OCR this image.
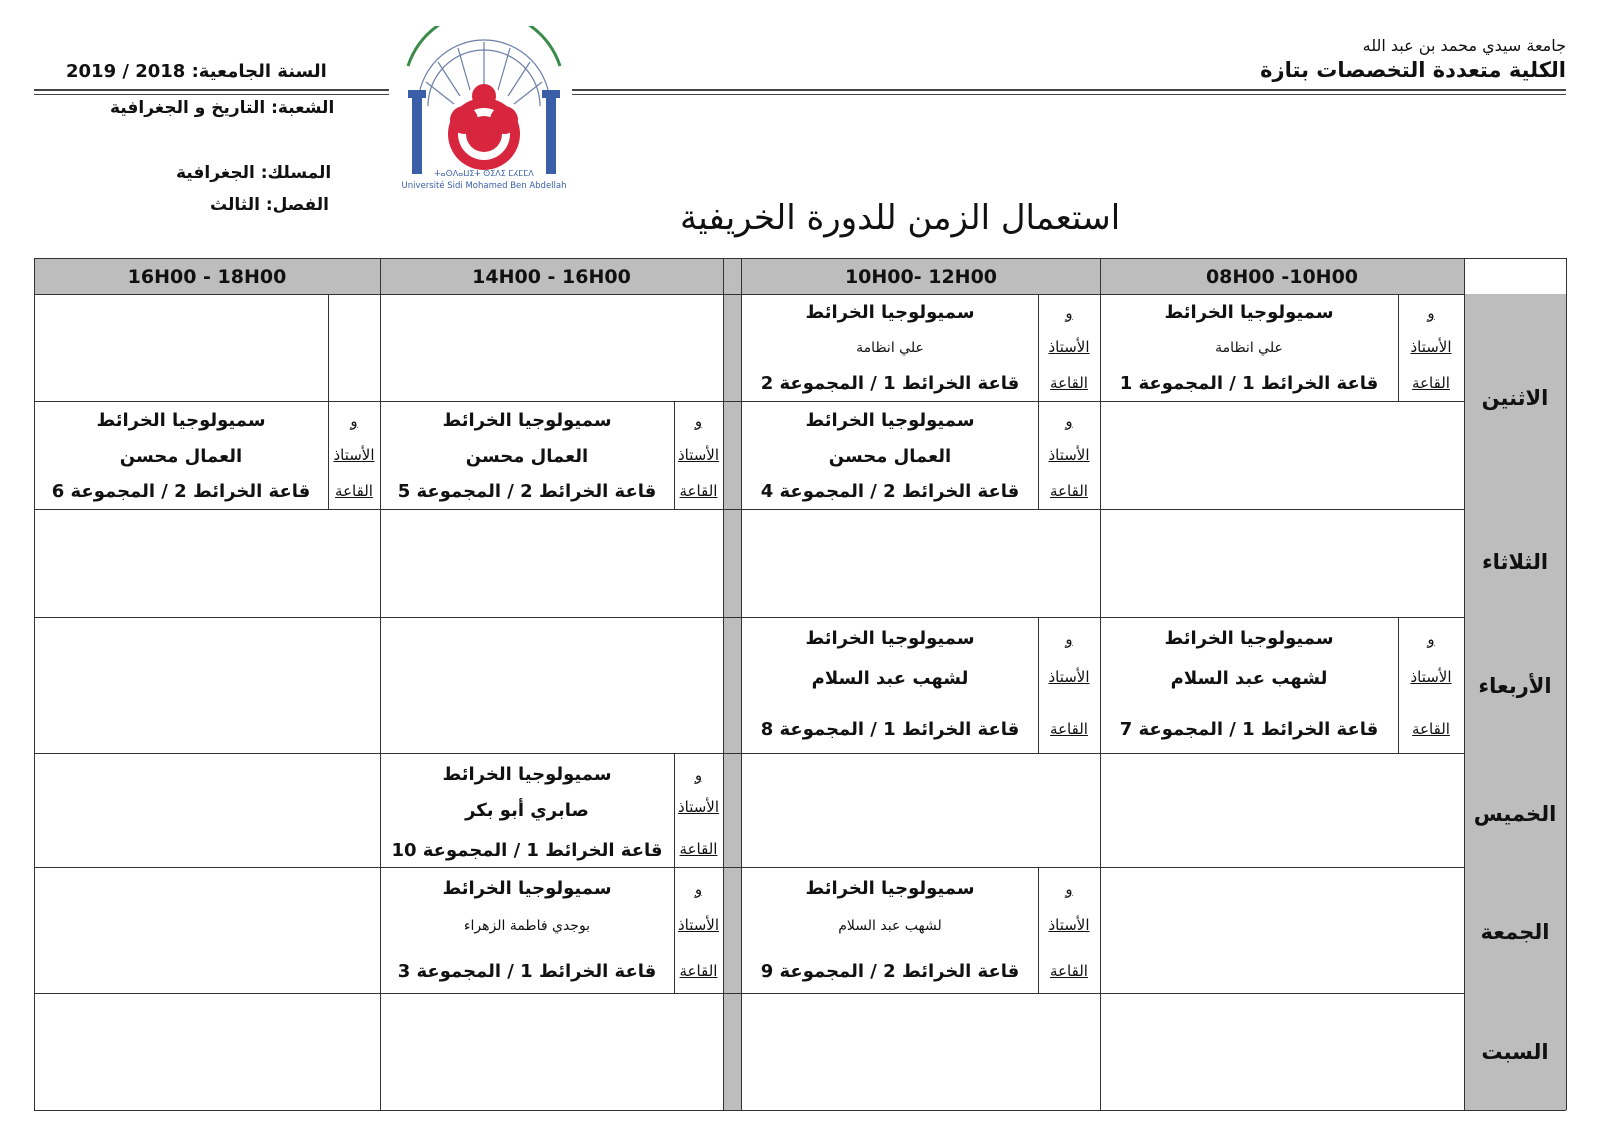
جامعة سيدي محمد بن عبد الله
الكلية متعددة التخصصات بتازة
السنة الجامعية: 2018 / 2019
الشعبة: التاريخ و الجغرافية
المسلك: الجغرافية
الفصل: الثالث
ⵜⴰⵙⴷⴰⵡⵉⵜ ⵙⵉⴷⵉ ⵎⵃⵎⵎⴷ
Université Sidi Mohamed Ben Abdellah
استعمال الزمن للدورة الخريفية
08H00 -10H00
10H00- 12H00
14H00 - 16H00
16H00 - 18H00
الاثنين
الثلاثاء
الأربعاء
الخميس
الجمعة
السبت
و
الأستاذ
القاعة
و
الأستاذ
القاعة
و
الأستاذ
القاعة
و
الأستاذ
القاعة
و
الأستاذ
القاعة
و
الأستاذ
القاعة
و
الأستاذ
القاعة
و
الأستاذ
القاعة
و
الأستاذ
القاعة
و
الأستاذ
القاعة
سميولوجيا الخرائط
علي انظامة
قاعة الخرائط 1 / المجموعة 1
سميولوجيا الخرائط
علي انظامة
قاعة الخرائط 1 / المجموعة 2
سميولوجيا الخرائط
العمال محسن
قاعة الخرائط 2 / المجموعة 4
سميولوجيا الخرائط
العمال محسن
قاعة الخرائط 2 / المجموعة 5
سميولوجيا الخرائط
العمال محسن
قاعة الخرائط 2 / المجموعة 6
سميولوجيا الخرائط
لشهب عبد السلام
قاعة الخرائط 1 / المجموعة 7
سميولوجيا الخرائط
لشهب عبد السلام
قاعة الخرائط 1 / المجموعة 8
سميولوجيا الخرائط
صابري أبو بكر
قاعة الخرائط 1 / المجموعة 10
سميولوجيا الخرائط
لشهب عبد السلام
قاعة الخرائط 2 / المجموعة 9
سميولوجيا الخرائط
بوجدي فاطمة الزهراء
قاعة الخرائط 1 / المجموعة 3
